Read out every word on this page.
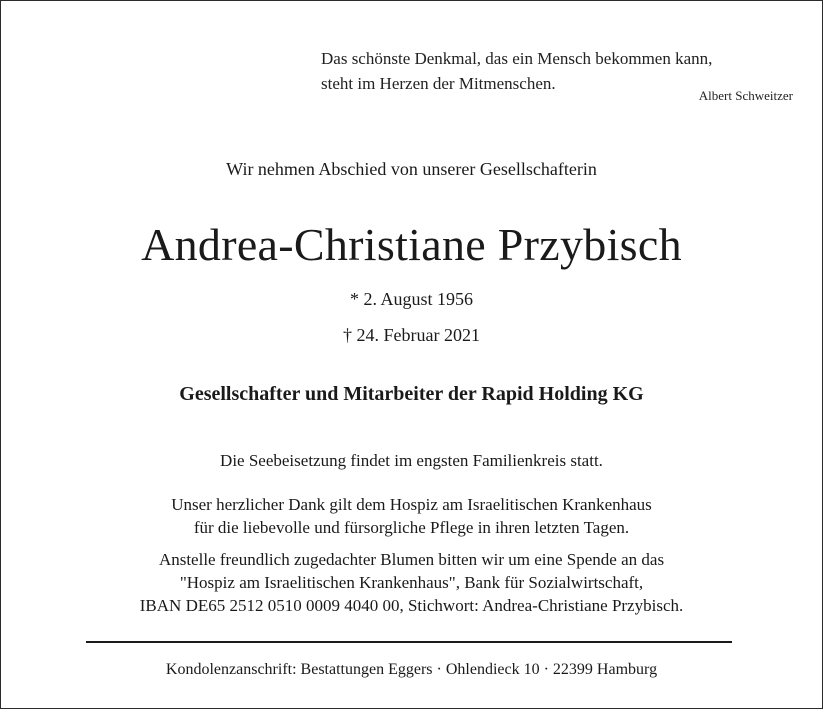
Das schönste Denkmal, das ein Mensch bekommen kann,
steht im Herzen der Mitmenschen.
Albert Schweitzer
Wir nehmen Abschied von unserer Gesellschafterin
Andrea-Christiane Przybisch
* 2. August 1956
† 24. Februar 2021
Gesellschafter und Mitarbeiter der Rapid Holding KG
Die Seebeisetzung findet im engsten Familienkreis statt.
Unser herzlicher Dank gilt dem Hospiz am Israelitischen Krankenhaus
für die liebevolle und fürsorgliche Pflege in ihren letzten Tagen.
Anstelle freundlich zugedachter Blumen bitten wir um eine Spende an das
"Hospiz am Israelitischen Krankenhaus", Bank für Sozialwirtschaft,
IBAN DE65 2512 0510 0009 4040 00, Stichwort: Andrea-Christiane Przybisch.
Kondolenzanschrift: Bestattungen Eggers · Ohlendieck 10 · 22399 Hamburg
